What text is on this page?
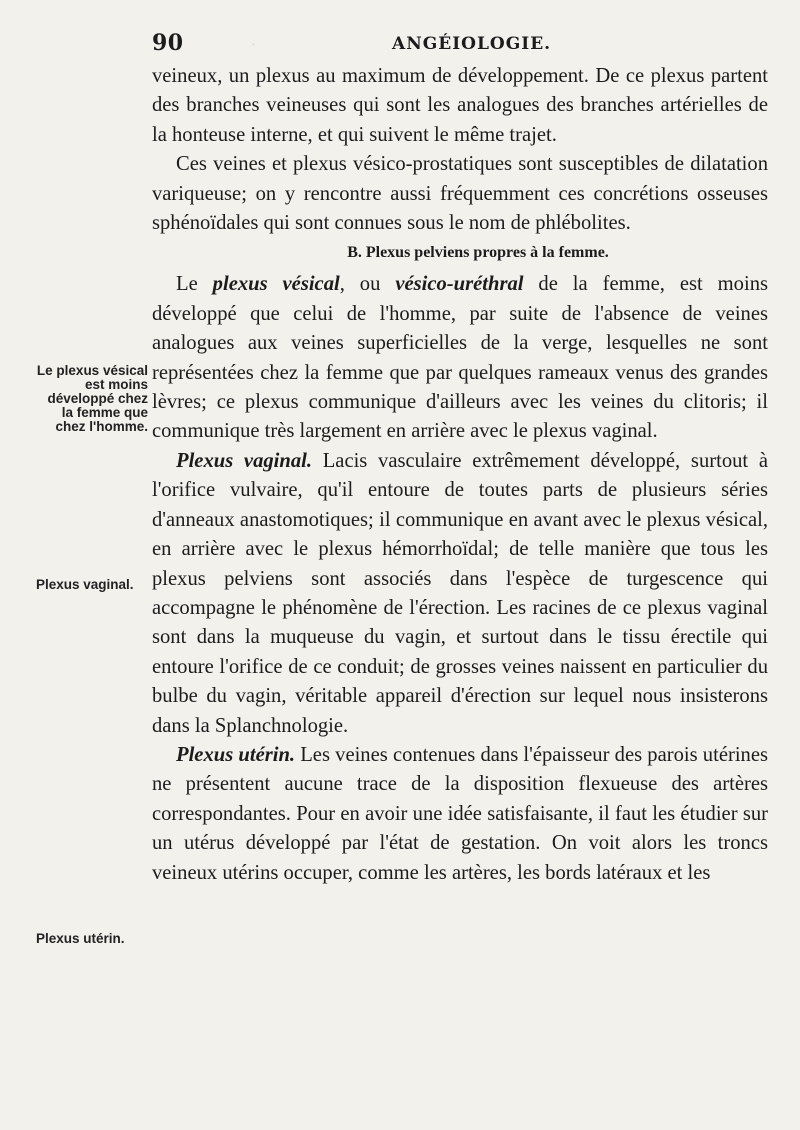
·
90	ANGÉIOLOGIE.

veineux, un plexus au maximum de développement. De ce plexus partent des branches veineuses qui sont les analogues des branches artérielles de la honteuse interne, et qui suivent le même trajet.

Ces veines et plexus vésico-prostatiques sont susceptibles de dilatation variqueuse; on y rencontre aussi fréquemment ces concrétions osseuses sphénoïdales qui sont connues sous le nom de phlébolites.

B. Plexus pelviens propres à la femme.

Le plexus vésical, ou vésico-uréthral de la femme, est moins développé que celui de l'homme, par suite de l'absence de veines analogues aux veines superficielles de la verge, lesquelles ne sont représentées chez la femme que par quelques rameaux venus des grandes lèvres; ce plexus communique d'ailleurs avec les veines du clitoris; il communique très largement en arrière avec le plexus vaginal.

Plexus vaginal. Lacis vasculaire extrêmement développé, surtout à l'orifice vulvaire, qu'il entoure de toutes parts de plusieurs séries d'anneaux anastomotiques; il communique en avant avec le plexus vésical, en arrière avec le plexus hémorrhoïdal; de telle manière que tous les plexus pelviens sont associés dans l'espèce de turgescence qui accompagne le phénomène de l'érection. Les racines de ce plexus vaginal sont dans la muqueuse du vagin, et surtout dans le tissu érectile qui entoure l'orifice de ce conduit; de grosses veines naissent en particulier du bulbe du vagin, véritable appareil d'érection sur lequel nous insisterons dans la Splanchnologie.

Plexus utérin. Les veines contenues dans l'épaisseur des parois utérines ne présentent aucune trace de la disposition flexueuse des artères correspondantes. Pour en avoir une idée satisfaisante, il faut les étudier sur un utérus développé par l'état de gestation. On voit alors les troncs veineux utérins occuper, comme les artères, les bords latéraux et les

Le plexus vésical est moins développé chez la femme que chez l'homme.
Plexus vaginal.
Plexus utérin.
